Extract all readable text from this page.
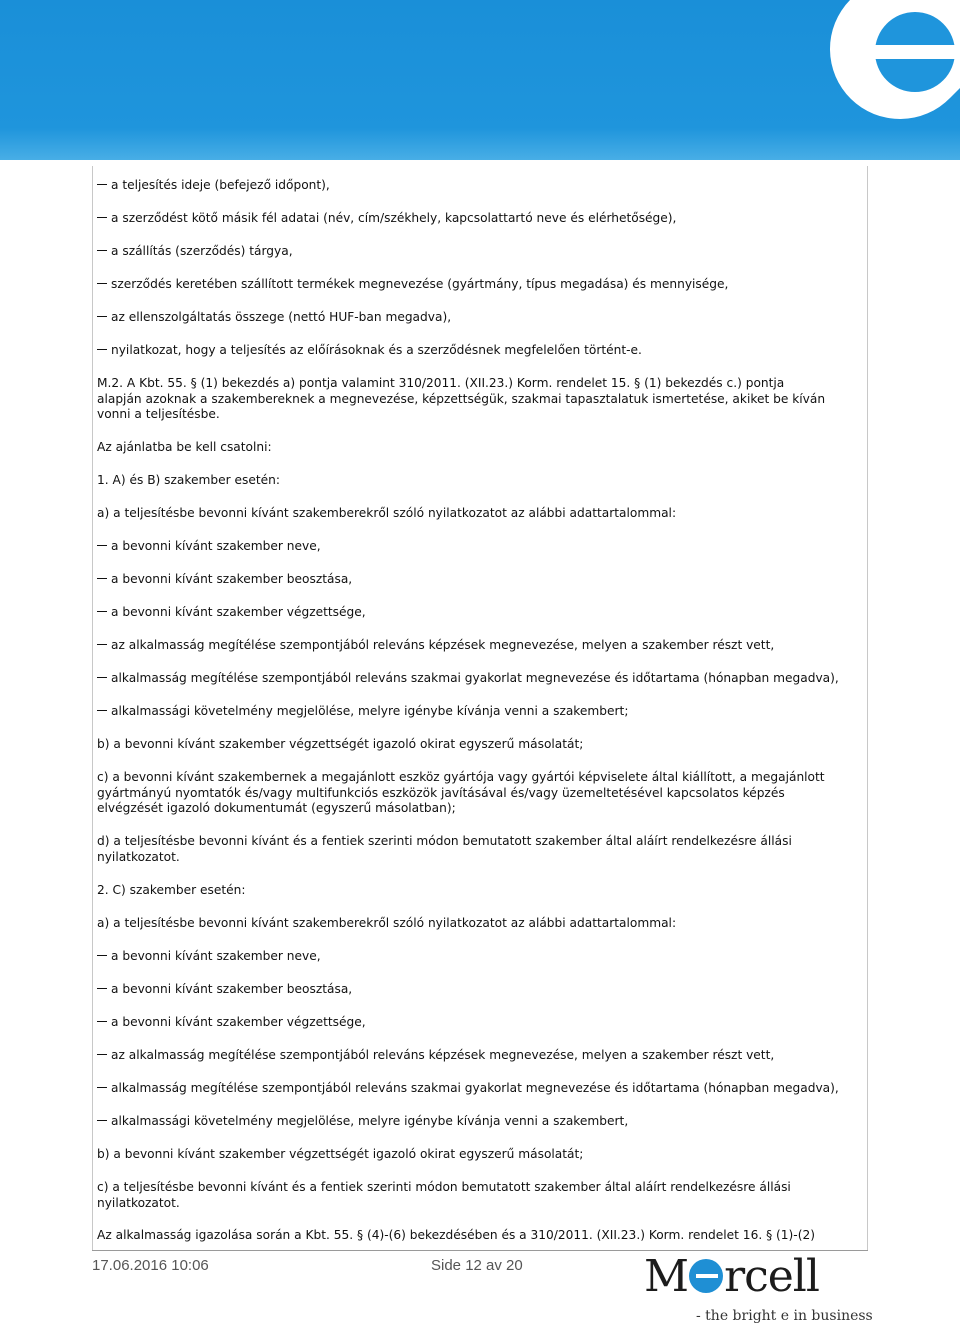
a teljesítés ideje (befejező időpont),
a szerződést kötő másik fél adatai (név, cím/székhely, kapcsolattartó neve és elérhetősége),
a szállítás (szerződés) tárgya,
szerződés keretében szállított termékek megnevezése (gyártmány, típus megadása) és mennyisége,
az ellenszolgáltatás összege (nettó HUF-ban megadva),
nyilatkozat, hogy a teljesítés az előírásoknak és a szerződésnek megfelelően történt-e.
M.2. A Kbt. 55. § (1) bekezdés a) pontja valamint 310/2011. (XII.23.) Korm. rendelet 15. § (1) bekezdés c.) pontja alapján azoknak a szakembereknek a megnevezése, képzettségük, szakmai tapasztalatuk ismertetése, akiket be kíván vonni a teljesítésbe.
Az ajánlatba be kell csatolni:
1. A) és B) szakember esetén:
a) a teljesítésbe bevonni kívánt szakemberekről szóló nyilatkozatot az alábbi adattartalommal:
a bevonni kívánt szakember neve,
a bevonni kívánt szakember beosztása,
a bevonni kívánt szakember végzettsége,
az alkalmasság megítélése szempontjából releváns képzések megnevezése, melyen a szakember részt vett,
alkalmasság megítélése szempontjából releváns szakmai gyakorlat megnevezése és időtartama (hónapban megadva),
alkalmassági követelmény megjelölése, melyre igénybe kívánja venni a szakembert;
b) a bevonni kívánt szakember végzettségét igazoló okirat egyszerű másolatát;
c) a bevonni kívánt szakembernek a megajánlott eszköz gyártója vagy gyártói képviselete által kiállított, a megajánlott gyártmányú nyomtatók és/vagy multifunkciós eszközök javításával és/vagy üzemeltetésével kapcsolatos képzés elvégzését igazoló dokumentumát (egyszerű másolatban);
d) a teljesítésbe bevonni kívánt és a fentiek szerinti módon bemutatott szakember által aláírt rendelkezésre állási nyilatkozatot.
2. C) szakember esetén:
a) a teljesítésbe bevonni kívánt szakemberekről szóló nyilatkozatot az alábbi adattartalommal:
a bevonni kívánt szakember neve,
a bevonni kívánt szakember beosztása,
a bevonni kívánt szakember végzettsége,
az alkalmasság megítélése szempontjából releváns képzések megnevezése, melyen a szakember részt vett,
alkalmasság megítélése szempontjából releváns szakmai gyakorlat megnevezése és időtartama (hónapban megadva),
alkalmassági követelmény megjelölése, melyre igénybe kívánja venni a szakembert,
b) a bevonni kívánt szakember végzettségét igazoló okirat egyszerű másolatát;
c) a teljesítésbe bevonni kívánt és a fentiek szerinti módon bemutatott szakember által aláírt rendelkezésre állási nyilatkozatot.
Az alkalmasság igazolása során a Kbt. 55. § (4)-(6) bekezdésében és a 310/2011. (XII.23.) Korm. rendelet 16. § (1)-(2)
17.06.2016 10:06	Side 12 av 20	M rcell
- the bright e in business
